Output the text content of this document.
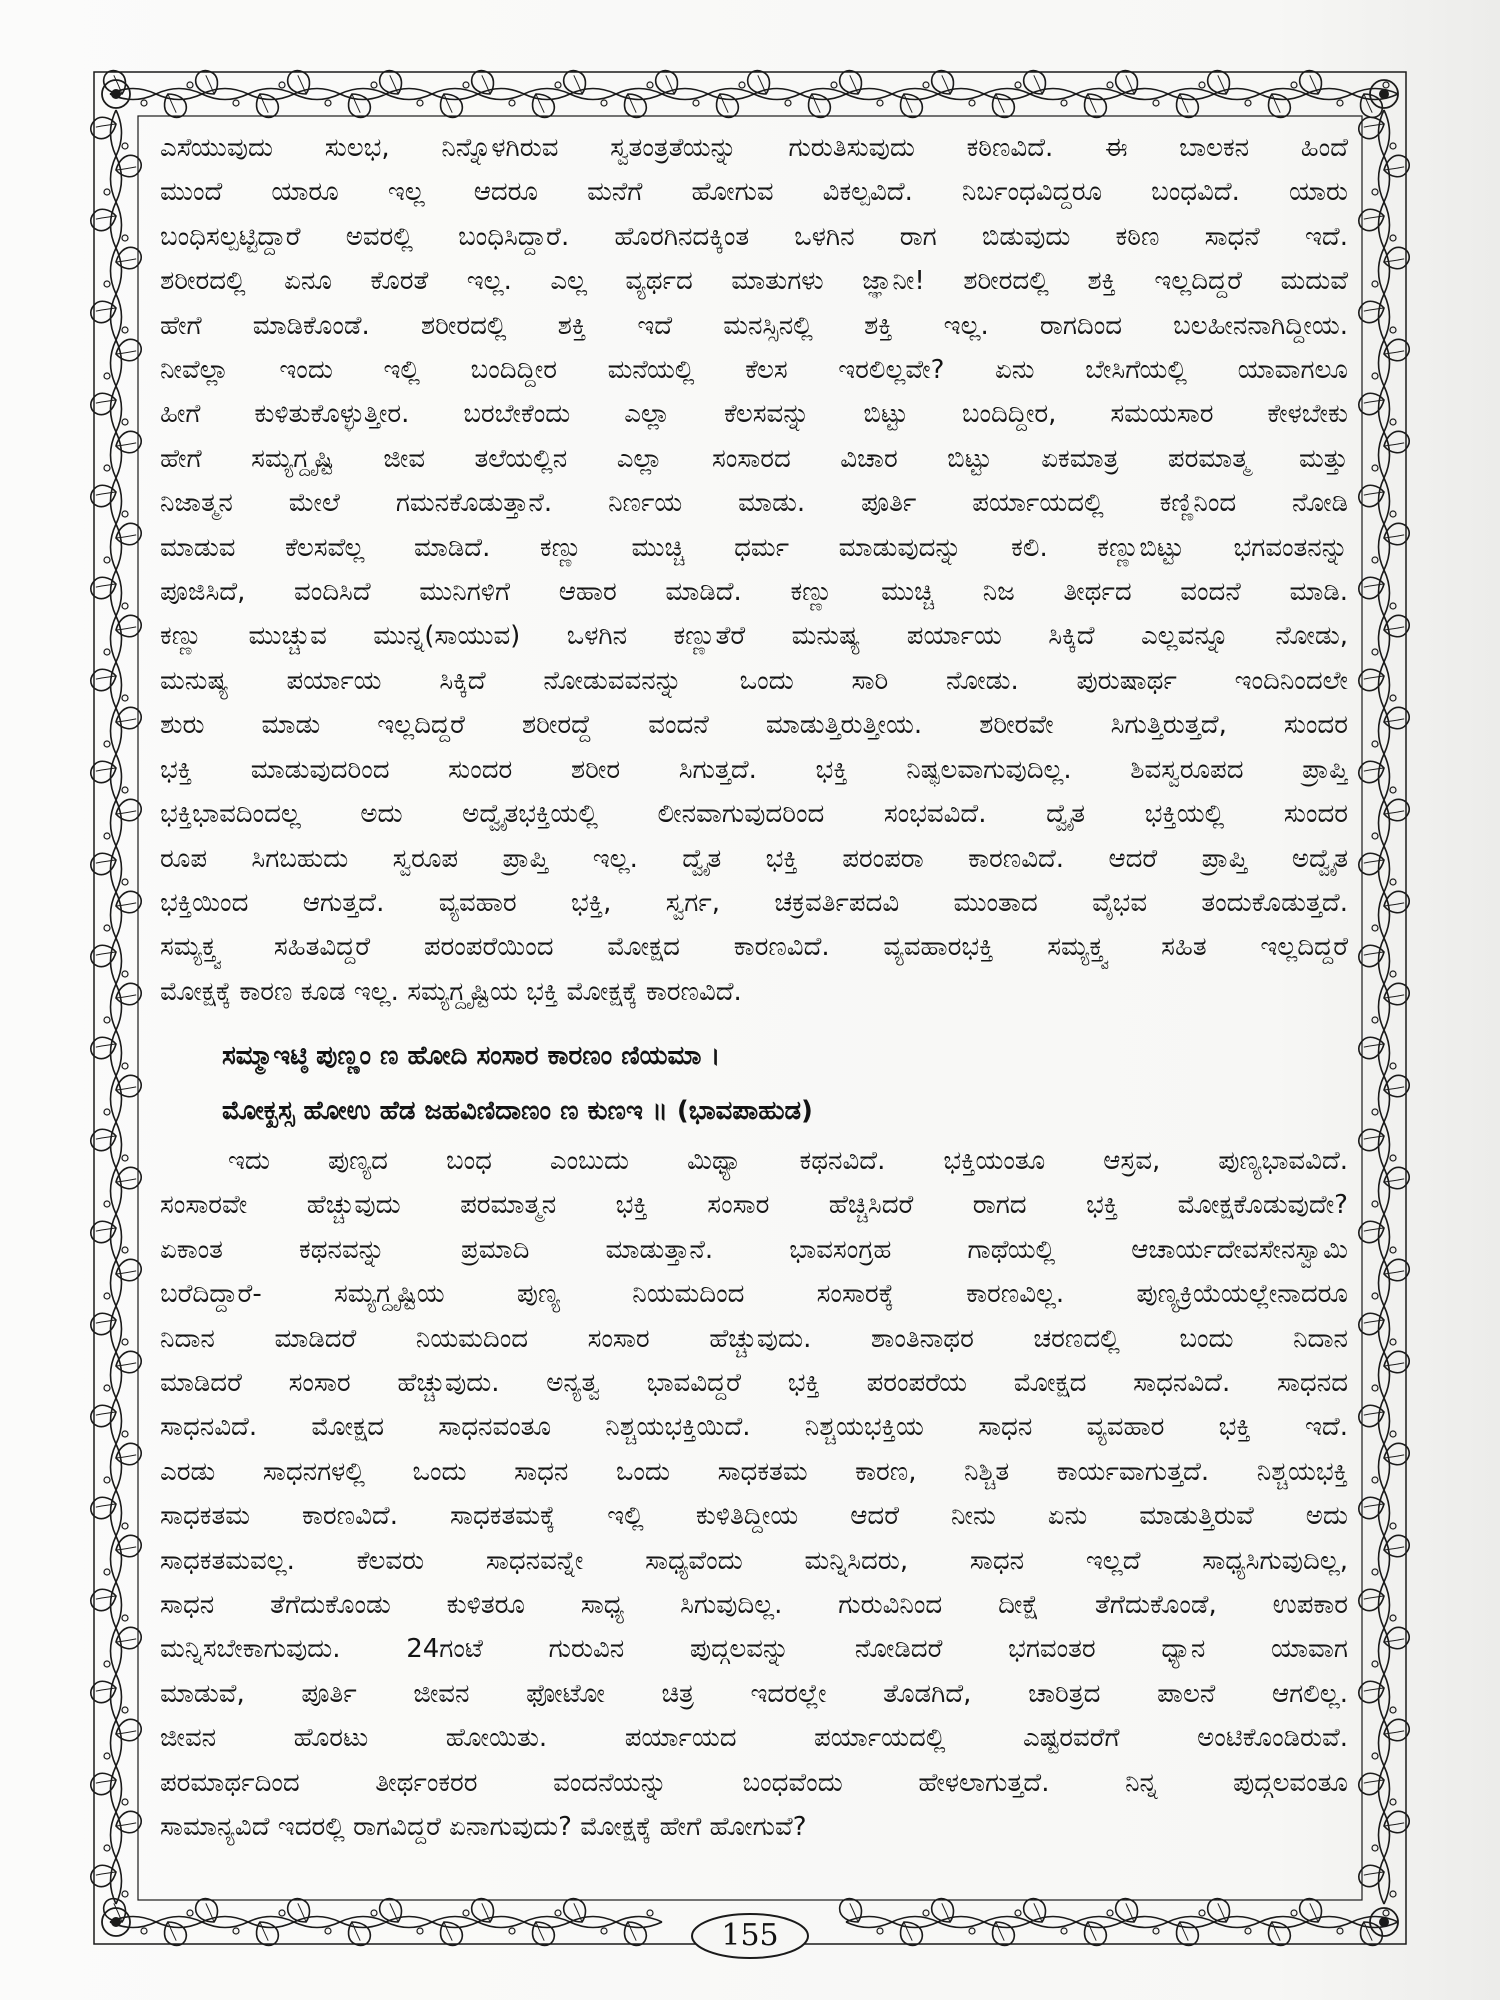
ಎಸೆಯುವುದು ಸುಲಭ, ನಿನ್ನೊಳಗಿರುವ ಸ್ವತಂತ್ರತೆಯನ್ನು ಗುರುತಿಸುವುದು ಕಠಿಣವಿದೆ. ಈ ಬಾಲಕನ ಹಿಂದೆ
ಮುಂದೆ ಯಾರೂ ಇಲ್ಲ ಆದರೂ ಮನೆಗೆ ಹೋಗುವ ವಿಕಲ್ಪವಿದೆ. ನಿರ್ಬಂಧವಿದ್ದರೂ ಬಂಧವಿದೆ. ಯಾರು
ಬಂಧಿಸಲ್ಪಟ್ಟಿದ್ದಾರೆ ಅವರಲ್ಲಿ ಬಂಧಿಸಿದ್ದಾರೆ. ಹೊರಗಿನದಕ್ಕಿಂತ ಒಳಗಿನ ರಾಗ ಬಿಡುವುದು ಕಠಿಣ ಸಾಧನೆ ಇದೆ.
ಶರೀರದಲ್ಲಿ ಏನೂ ಕೊರತೆ ಇಲ್ಲ. ಎಲ್ಲ ವ್ಯರ್ಥದ ಮಾತುಗಳು ಜ್ಞಾನೀ! ಶರೀರದಲ್ಲಿ ಶಕ್ತಿ ಇಲ್ಲದಿದ್ದರೆ ಮದುವೆ
ಹೇಗೆ ಮಾಡಿಕೊಂಡೆ. ಶರೀರದಲ್ಲಿ ಶಕ್ತಿ ಇದೆ ಮನಸ್ಸಿನಲ್ಲಿ ಶಕ್ತಿ ಇಲ್ಲ. ರಾಗದಿಂದ ಬಲಹೀನನಾಗಿದ್ದೀಯ.
ನೀವೆಲ್ಲಾ ಇಂದು ಇಲ್ಲಿ ಬಂದಿದ್ದೀರ ಮನೆಯಲ್ಲಿ ಕೆಲಸ ಇರಲಿಲ್ಲವೇ? ಏನು ಬೇಸಿಗೆಯಲ್ಲಿ ಯಾವಾಗಲೂ
ಹೀಗೆ ಕುಳಿತುಕೊಳ್ಳುತ್ತೀರ. ಬರಬೇಕೆಂದು ಎಲ್ಲಾ ಕೆಲಸವನ್ನು ಬಿಟ್ಟು ಬಂದಿದ್ದೀರ, ಸಮಯಸಾರ ಕೇಳಬೇಕು
ಹೇಗೆ ಸಮ್ಯಗ್ದೃಷ್ಟಿ ಜೀವ ತಲೆಯಲ್ಲಿನ ಎಲ್ಲಾ ಸಂಸಾರದ ವಿಚಾರ ಬಿಟ್ಟು ಏಕಮಾತ್ರ ಪರಮಾತ್ಮ ಮತ್ತು
ನಿಜಾತ್ಮನ ಮೇಲೆ ಗಮನಕೊಡುತ್ತಾನೆ. ನಿರ್ಣಯ ಮಾಡು. ಪೂರ್ತಿ ಪರ್ಯಾಯದಲ್ಲಿ ಕಣ್ಣಿನಿಂದ ನೋಡಿ
ಮಾಡುವ ಕೆಲಸವೆಲ್ಲ ಮಾಡಿದೆ. ಕಣ್ಣು ಮುಚ್ಚಿ ಧರ್ಮ ಮಾಡುವುದನ್ನು ಕಲಿ. ಕಣ್ಣುಬಿಟ್ಟು ಭಗವಂತನನ್ನು
ಪೂಜಿಸಿದೆ, ವಂದಿಸಿದೆ ಮುನಿಗಳಿಗೆ ಆಹಾರ ಮಾಡಿದೆ. ಕಣ್ಣು ಮುಚ್ಚಿ ನಿಜ ತೀರ್ಥದ ವಂದನೆ ಮಾಡಿ.
ಕಣ್ಣು ಮುಚ್ಚುವ ಮುನ್ನ(ಸಾಯುವ) ಒಳಗಿನ ಕಣ್ಣುತೆರೆ ಮನುಷ್ಯ ಪರ್ಯಾಯ ಸಿಕ್ಕಿದೆ ಎಲ್ಲವನ್ನೂ ನೋಡು,
ಮನುಷ್ಯ ಪರ್ಯಾಯ ಸಿಕ್ಕಿದೆ ನೋಡುವವನನ್ನು ಒಂದು ಸಾರಿ ನೋಡು. ಪುರುಷಾರ್ಥ ಇಂದಿನಿಂದಲೇ
ಶುರು ಮಾಡು ಇಲ್ಲದಿದ್ದರೆ ಶರೀರದ್ದೆ ವಂದನೆ ಮಾಡುತ್ತಿರುತ್ತೀಯ. ಶರೀರವೇ ಸಿಗುತ್ತಿರುತ್ತದೆ, ಸುಂದರ
ಭಕ್ತಿ ಮಾಡುವುದರಿಂದ ಸುಂದರ ಶರೀರ ಸಿಗುತ್ತದೆ. ಭಕ್ತಿ ನಿಷ್ಫಲವಾಗುವುದಿಲ್ಲ. ಶಿವಸ್ವರೂಪದ ಪ್ರಾಪ್ತಿ
ಭಕ್ತಿಭಾವದಿಂದಲ್ಲ ಅದು ಅದ್ವೈತಭಕ್ತಿಯಲ್ಲಿ ಲೀನವಾಗುವುದರಿಂದ ಸಂಭವವಿದೆ. ದ್ವೈತ ಭಕ್ತಿಯಲ್ಲಿ ಸುಂದರ
ರೂಪ ಸಿಗಬಹುದು ಸ್ವರೂಪ ಪ್ರಾಪ್ತಿ ಇಲ್ಲ. ದ್ವೈತ ಭಕ್ತಿ ಪರಂಪರಾ ಕಾರಣವಿದೆ. ಆದರೆ ಪ್ರಾಪ್ತಿ ಅದ್ವೈತ
ಭಕ್ತಿಯಿಂದ ಆಗುತ್ತದೆ. ವ್ಯವಹಾರ ಭಕ್ತಿ, ಸ್ವರ್ಗ, ಚಕ್ರವರ್ತಿಪದವಿ ಮುಂತಾದ ವೈಭವ ತಂದುಕೊಡುತ್ತದೆ.
ಸಮ್ಯಕ್ತ್ವ ಸಹಿತವಿದ್ದರೆ ಪರಂಪರೆಯಿಂದ ಮೋಕ್ಷದ ಕಾರಣವಿದೆ. ವ್ಯವಹಾರಭಕ್ತಿ ಸಮ್ಯಕ್ತ್ವ ಸಹಿತ ಇಲ್ಲದಿದ್ದರೆ
ಮೋಕ್ಷಕ್ಕೆ ಕಾರಣ ಕೂಡ ಇಲ್ಲ. ಸಮ್ಯಗ್ದೃಷ್ಟಿಯ ಭಕ್ತಿ ಮೋಕ್ಷಕ್ಕೆ ಕಾರಣವಿದೆ.
ಸಮ್ಮಾಇಟ್ಠಿ ಪುಣ್ಣಂ ಣ ಹೋದಿ ಸಂಸಾರ ಕಾರಣಂ ಣಿಯಮಾ ।
ಮೋಕ್ಖಸ್ಸ ಹೋಉ ಹೆಡ ಜಹವಿಣಿದಾಣಂ ಣ ಕುಣಇ ॥ (ಭಾವಪಾಹುಡ)
ಇದು ಪುಣ್ಯದ ಬಂಧ ಎಂಬುದು ಮಿಥ್ಯಾ ಕಥನವಿದೆ. ಭಕ್ತಿಯಂತೂ ಆಸ್ರವ, ಪುಣ್ಯಭಾವವಿದೆ.
ಸಂಸಾರವೇ ಹೆಚ್ಚುವುದು ಪರಮಾತ್ಮನ ಭಕ್ತಿ ಸಂಸಾರ ಹೆಚ್ಚಿಸಿದರೆ ರಾಗದ ಭಕ್ತಿ ಮೋಕ್ಷಕೊಡುವುದೇ?
ಏಕಾಂತ ಕಥನವನ್ನು ಪ್ರಮಾದಿ ಮಾಡುತ್ತಾನೆ. ಭಾವಸಂಗ್ರಹ ಗಾಥೆಯಲ್ಲಿ ಆಚಾರ್ಯದೇವಸೇನಸ್ವಾಮಿ
ಬರೆದಿದ್ದಾರೆ- ಸಮ್ಯಗ್ದೃಷ್ಟಿಯ ಪುಣ್ಯ ನಿಯಮದಿಂದ ಸಂಸಾರಕ್ಕೆ ಕಾರಣವಿಲ್ಲ. ಪುಣ್ಯಕ್ರಿಯೆಯಲ್ಲೇನಾದರೂ
ನಿದಾನ ಮಾಡಿದರೆ ನಿಯಮದಿಂದ ಸಂಸಾರ ಹೆಚ್ಚುವುದು. ಶಾಂತಿನಾಥರ ಚರಣದಲ್ಲಿ ಬಂದು ನಿದಾನ
ಮಾಡಿದರೆ ಸಂಸಾರ ಹೆಚ್ಚುವುದು. ಅನ್ಯತ್ವ ಭಾವವಿದ್ದರೆ ಭಕ್ತಿ ಪರಂಪರೆಯ ಮೋಕ್ಷದ ಸಾಧನವಿದೆ. ಸಾಧನದ
ಸಾಧನವಿದೆ. ಮೋಕ್ಷದ ಸಾಧನವಂತೂ ನಿಶ್ಚಯಭಕ್ತಿಯಿದೆ. ನಿಶ್ಚಯಭಕ್ತಿಯ ಸಾಧನ ವ್ಯವಹಾರ ಭಕ್ತಿ ಇದೆ.
ಎರಡು ಸಾಧನಗಳಲ್ಲಿ ಒಂದು ಸಾಧನ ಒಂದು ಸಾಧಕತಮ ಕಾರಣ, ನಿಶ್ಚಿತ ಕಾರ್ಯವಾಗುತ್ತದೆ. ನಿಶ್ಚಯಭಕ್ತಿ
ಸಾಧಕತಮ ಕಾರಣವಿದೆ. ಸಾಧಕತಮಕ್ಕೆ ಇಲ್ಲಿ ಕುಳಿತಿದ್ದೀಯ ಆದರೆ ನೀನು ಏನು ಮಾಡುತ್ತಿರುವೆ ಅದು
ಸಾಧಕತಮವಲ್ಲ. ಕೆಲವರು ಸಾಧನವನ್ನೇ ಸಾಧ್ಯವೆಂದು ಮನ್ನಿಸಿದರು, ಸಾಧನ ಇಲ್ಲದೆ ಸಾಧ್ಯಸಿಗುವುದಿಲ್ಲ,
ಸಾಧನ ತೆಗೆದುಕೊಂಡು ಕುಳಿತರೂ ಸಾಧ್ಯ ಸಿಗುವುದಿಲ್ಲ. ಗುರುವಿನಿಂದ ದೀಕ್ಷೆ ತೆಗೆದುಕೊಂಡೆ, ಉಪಕಾರ
ಮನ್ನಿಸಬೇಕಾಗುವುದು. 24ಗಂಟೆ ಗುರುವಿನ ಪುದ್ಗಲವನ್ನು ನೋಡಿದರೆ ಭಗವಂತರ ಧ್ಯಾನ ಯಾವಾಗ
ಮಾಡುವೆ, ಪೂರ್ತಿ ಜೀವನ ಫೋಟೋ ಚಿತ್ರ ಇದರಲ್ಲೇ ತೊಡಗಿದೆ, ಚಾರಿತ್ರದ ಪಾಲನೆ ಆಗಲಿಲ್ಲ.
ಜೀವನ ಹೊರಟು ಹೋಯಿತು. ಪರ್ಯಾಯದ ಪರ್ಯಾಯದಲ್ಲಿ ಎಷ್ಟರವರೆಗೆ ಅಂಟಿಕೊಂಡಿರುವೆ.
ಪರಮಾರ್ಥದಿಂದ ತೀರ್ಥಂಕರರ ವಂದನೆಯನ್ನು ಬಂಧವೆಂದು ಹೇಳಲಾಗುತ್ತದೆ. ನಿನ್ನ ಪುದ್ಗಲವಂತೂ
ಸಾಮಾನ್ಯವಿದೆ ಇದರಲ್ಲಿ ರಾಗವಿದ್ದರೆ ಏನಾಗುವುದು? ಮೋಕ್ಷಕ್ಕೆ ಹೇಗೆ ಹೋಗುವೆ?
155
